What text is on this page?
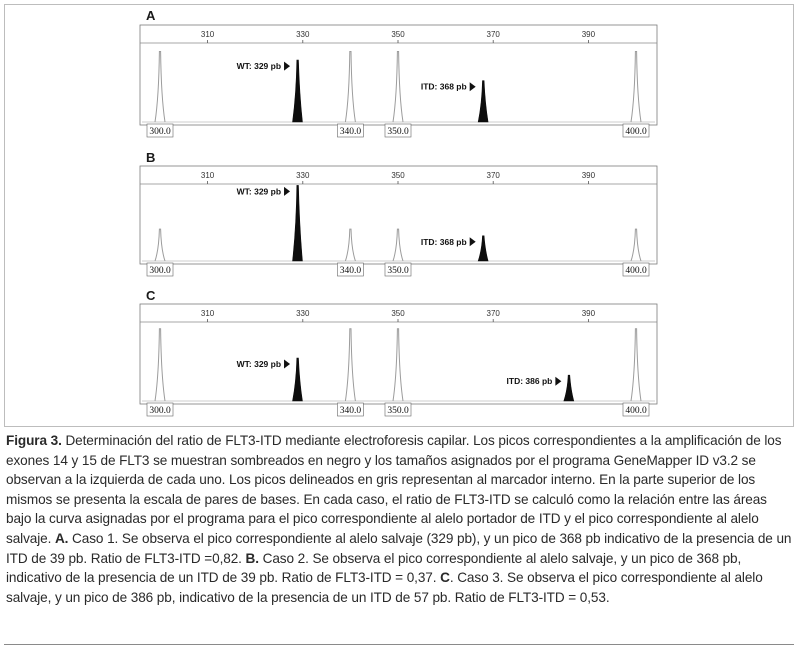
A
310	330	350	370	390
300.0	340.0	350.0	400.0
WT: 329 pb
ITD: 368 pb
B
310	330	350	370	390
300.0	340.0	350.0	400.0
WT: 329 pb
ITD: 368 pb
C
310	330	350	370	390
300.0	340.0	350.0	400.0
WT: 329 pb
ITD: 386 pb
Figura 3. Determinación del ratio de FLT3-ITD mediante electroforesis capilar. Los picos correspondientes a la amplificación de los exones 14 y 15 de FLT3 se muestran sombreados en negro y los tamaños asignados por el programa GeneMapper ID v3.2 se observan a la izquierda de cada uno. Los picos delineados en gris representan al marcador interno. En la parte superior de los mismos se presenta la escala de pares de bases. En cada caso, el ratio de FLT3-ITD se calculó como la relación entre las áreas bajo la curva asignadas por el programa para el pico correspondiente al alelo portador de ITD y el pico correspondiente al alelo salvaje. A. Caso 1. Se observa el pico correspondiente al alelo salvaje (329 pb), y un pico de 368 pb indicativo de la presencia de un ITD de 39 pb. Ratio de FLT3-ITD =0,82. B. Caso 2. Se observa el pico correspondiente al alelo salvaje, y un pico de 368 pb, indicativo de la presencia de un ITD de 39 pb. Ratio de FLT3-ITD = 0,37. C. Caso 3. Se observa el pico correspondiente al alelo salvaje, y un pico de 386 pb, indicativo de la presencia de un ITD de 57 pb. Ratio de FLT3-ITD = 0,53.
